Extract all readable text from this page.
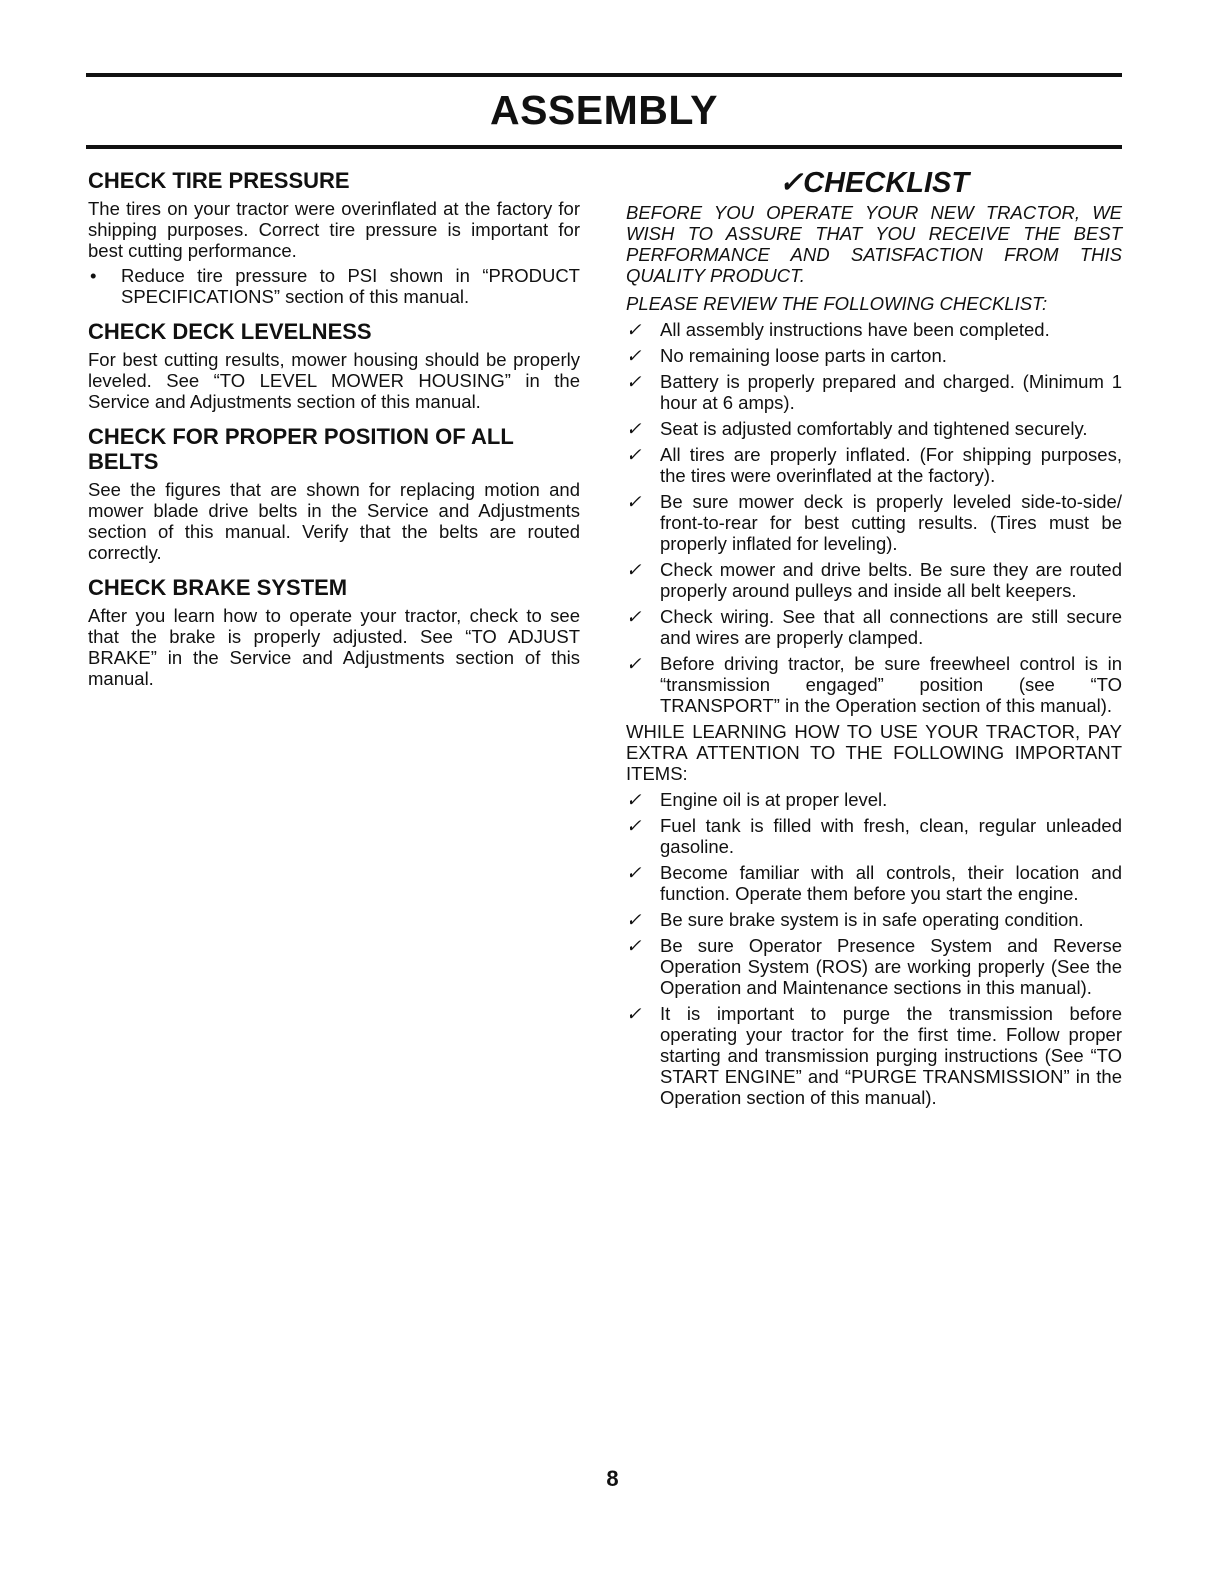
ASSEMBLY
CHECK TIRE PRESSURE

The tires on your tractor were overinflated at the factory for shipping purposes. Correct tire pressure is important for best cutting performance.

• Reduce tire pressure to PSI shown in “PRODUCT SPECIFICATIONS” section of this manual.
CHECK DECK LEVELNESS

For best cutting results, mower housing should be properly leveled. See “TO LEVEL MOWER HOUSING” in the Service and Adjustments section of this manual.

CHECK FOR PROPER POSITION OF ALL BELTS

See the figures that are shown for replacing motion and mower blade drive belts in the Service and Adjustments section of this manual. Verify that the belts are routed correctly.

CHECK BRAKE SYSTEM

After you learn how to operate your tractor, check to see that the brake is properly adjusted. See “TO ADJUST BRAKE” in the Service and Adjustments section of this manual.

✓CHECKLIST

BEFORE YOU OPERATE YOUR NEW TRACTOR, WE WISH TO ASSURE THAT YOU RECEIVE THE BEST PERFORMANCE AND SATISFACTION FROM THIS QUALITY PRODUCT.

PLEASE REVIEW THE FOLLOWING CHECKLIST:

✓ All assembly instructions have been completed.
✓ No remaining loose parts in carton.
✓ Battery is properly prepared and charged. (Minimum 1 hour at 6 amps).
✓ Seat is adjusted comfortably and tightened securely.
✓ All tires are properly inflated. (For shipping purposes, the tires were overinflated at the factory).
✓ Be sure mower deck is properly leveled side-to-side/ front-to-rear for best cutting results. (Tires must be properly inflated for leveling).
✓ Check mower and drive belts. Be sure they are routed properly around pulleys and inside all belt keepers.
✓ Check wiring. See that all connections are still secure and wires are properly clamped.
✓ Before driving tractor, be sure freewheel control is in “transmission engaged” position (see “TO TRANSPORT” in the Operation section of this manual).

WHILE LEARNING HOW TO USE YOUR TRACTOR, PAY EXTRA ATTENTION TO THE FOLLOWING IMPORTANT ITEMS:

✓ Engine oil is at proper level.
✓ Fuel tank is filled with fresh, clean, regular unleaded gasoline.
✓ Become familiar with all controls, their location and function. Operate them before you start the engine.
✓ Be sure brake system is in safe operating condition.
✓ Be sure Operator Presence System and Reverse Operation System (ROS) are working properly (See the Operation and Maintenance sections in this manual).
✓ It is important to purge the transmission before operating your tractor for the first time. Follow proper starting and transmission purging instructions (See “TO START ENGINE” and “PURGE TRANSMISSION” in the Operation section of this manual).
8
